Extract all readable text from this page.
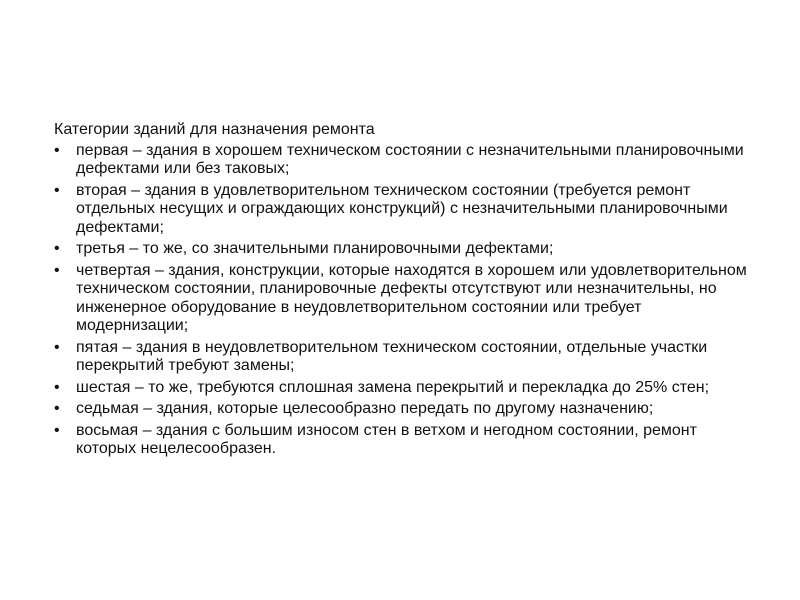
Категории зданий для назначения ремонта
•	первая – здания в хорошем техническом состоянии с незначительными планировочными дефектами или без таковых;
•	вторая – здания в удовлетворительном техническом состоянии (требуется ремонт отдельных несущих и ограждающих конструкций) с незначительными планировочными дефектами;
•	третья – то же, со значительными планировочными дефектами;
•	четвертая – здания, конструкции, которые находятся в хорошем или удовлетворительном техническом состоянии, планировочные дефекты отсутствуют или незначительны, но инженерное оборудование в неудовлетворительном состоянии или требует модернизации;
•	пятая – здания в неудовлетворительном техническом состоянии, отдельные участки перекрытий требуют замены;
•	шестая – то же, требуются сплошная замена перекрытий и перекладка до 25% стен;
•	седьмая – здания, которые целесообразно передать по другому назначению;
•	восьмая – здания с большим износом стен в ветхом и негодном состоянии, ремонт которых нецелесообразен.
